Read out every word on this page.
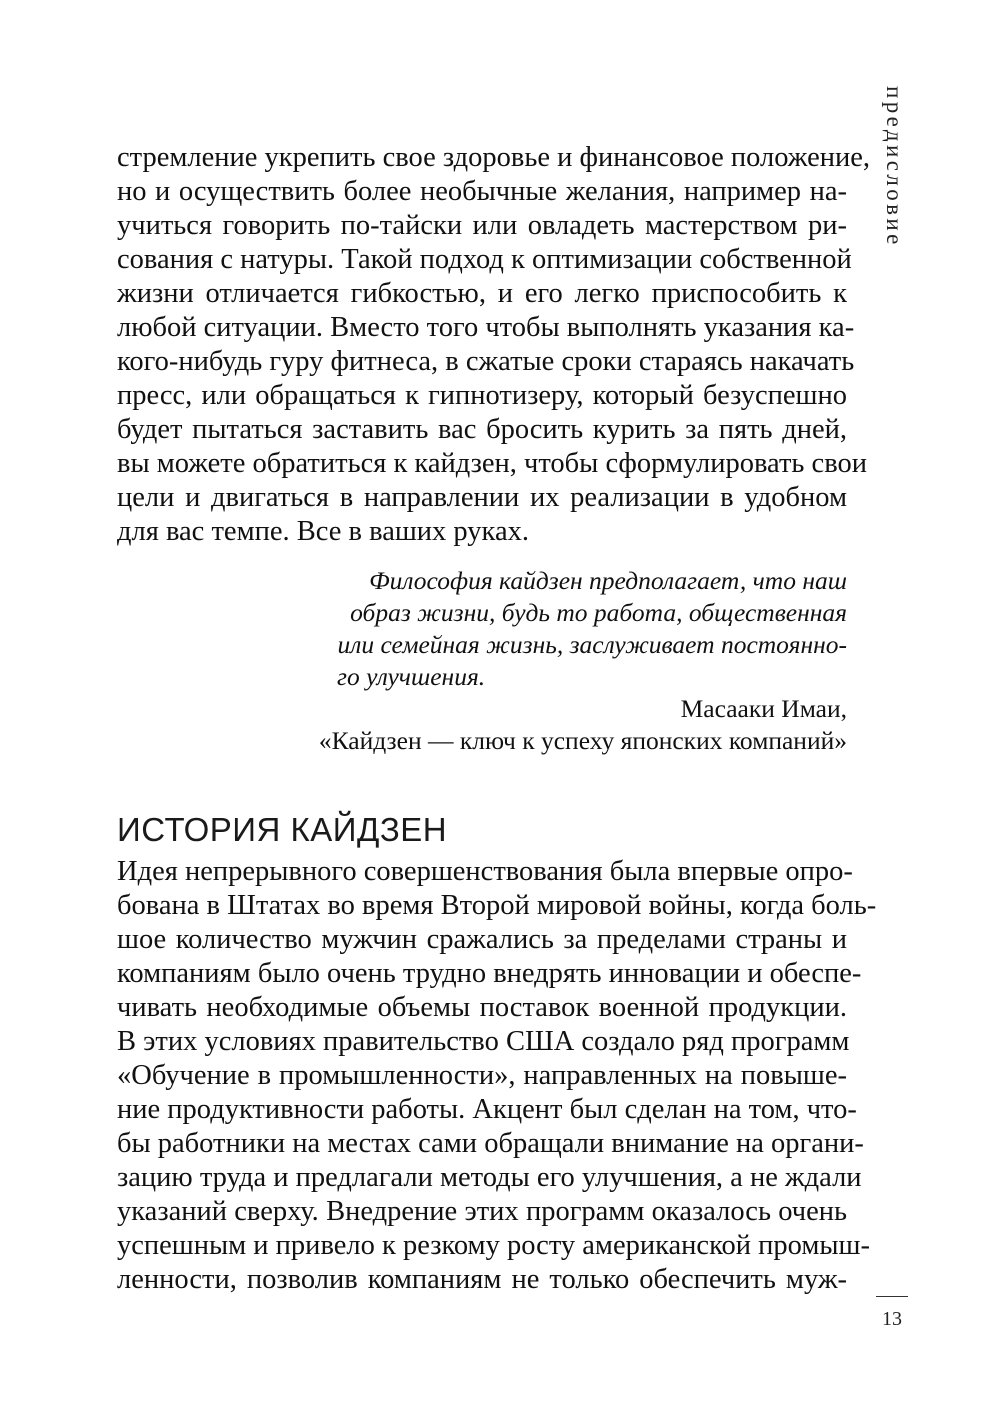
предисловие
стремление укрепить свое здоровье и финансовое положение,
но и осуществить более необычные желания, например на-
учиться говорить по-тайски или овладеть мастерством ри-
сования с натуры. Такой подход к оптимизации собственной
жизни отличается гибкостью, и его легко приспособить к
любой ситуации. Вместо того чтобы выполнять указания ка-
кого-нибудь гуру фитнеса, в сжатые сроки стараясь накачать
пресс, или обращаться к гипнотизеру, который безуспешно
будет пытаться заставить вас бросить курить за пять дней,
вы можете обратиться к кайдзен, чтобы сформулировать свои
цели и двигаться в направлении их реализации в удобном
для вас темпе. Все в ваших руках.
Философия кайдзен предполагает, что наш
образ жизни, будь то работа, общественная
или семейная жизнь, заслуживает постоянно-
го улучшения.
Масааки Имаи,
«Кайдзен — ключ к успеху японских компаний»
ИСТОРИЯ КАЙДЗЕН
Идея непрерывного совершенствования была впервые опро-
бована в Штатах во время Второй мировой войны, когда боль-
шое количество мужчин сражались за пределами страны и
компаниям было очень трудно внедрять инновации и обеспе-
чивать необходимые объемы поставок военной продукции.
В этих условиях правительство США создало ряд программ
«Обучение в промышленности», направленных на повыше-
ние продуктивности работы. Акцент был сделан на том, что-
бы работники на местах сами обращали внимание на органи-
зацию труда и предлагали методы его улучшения, а не ждали
указаний сверху. Внедрение этих программ оказалось очень
успешным и привело к резкому росту американской промыш-
ленности, позволив компаниям не только обеспечить муж-
13
